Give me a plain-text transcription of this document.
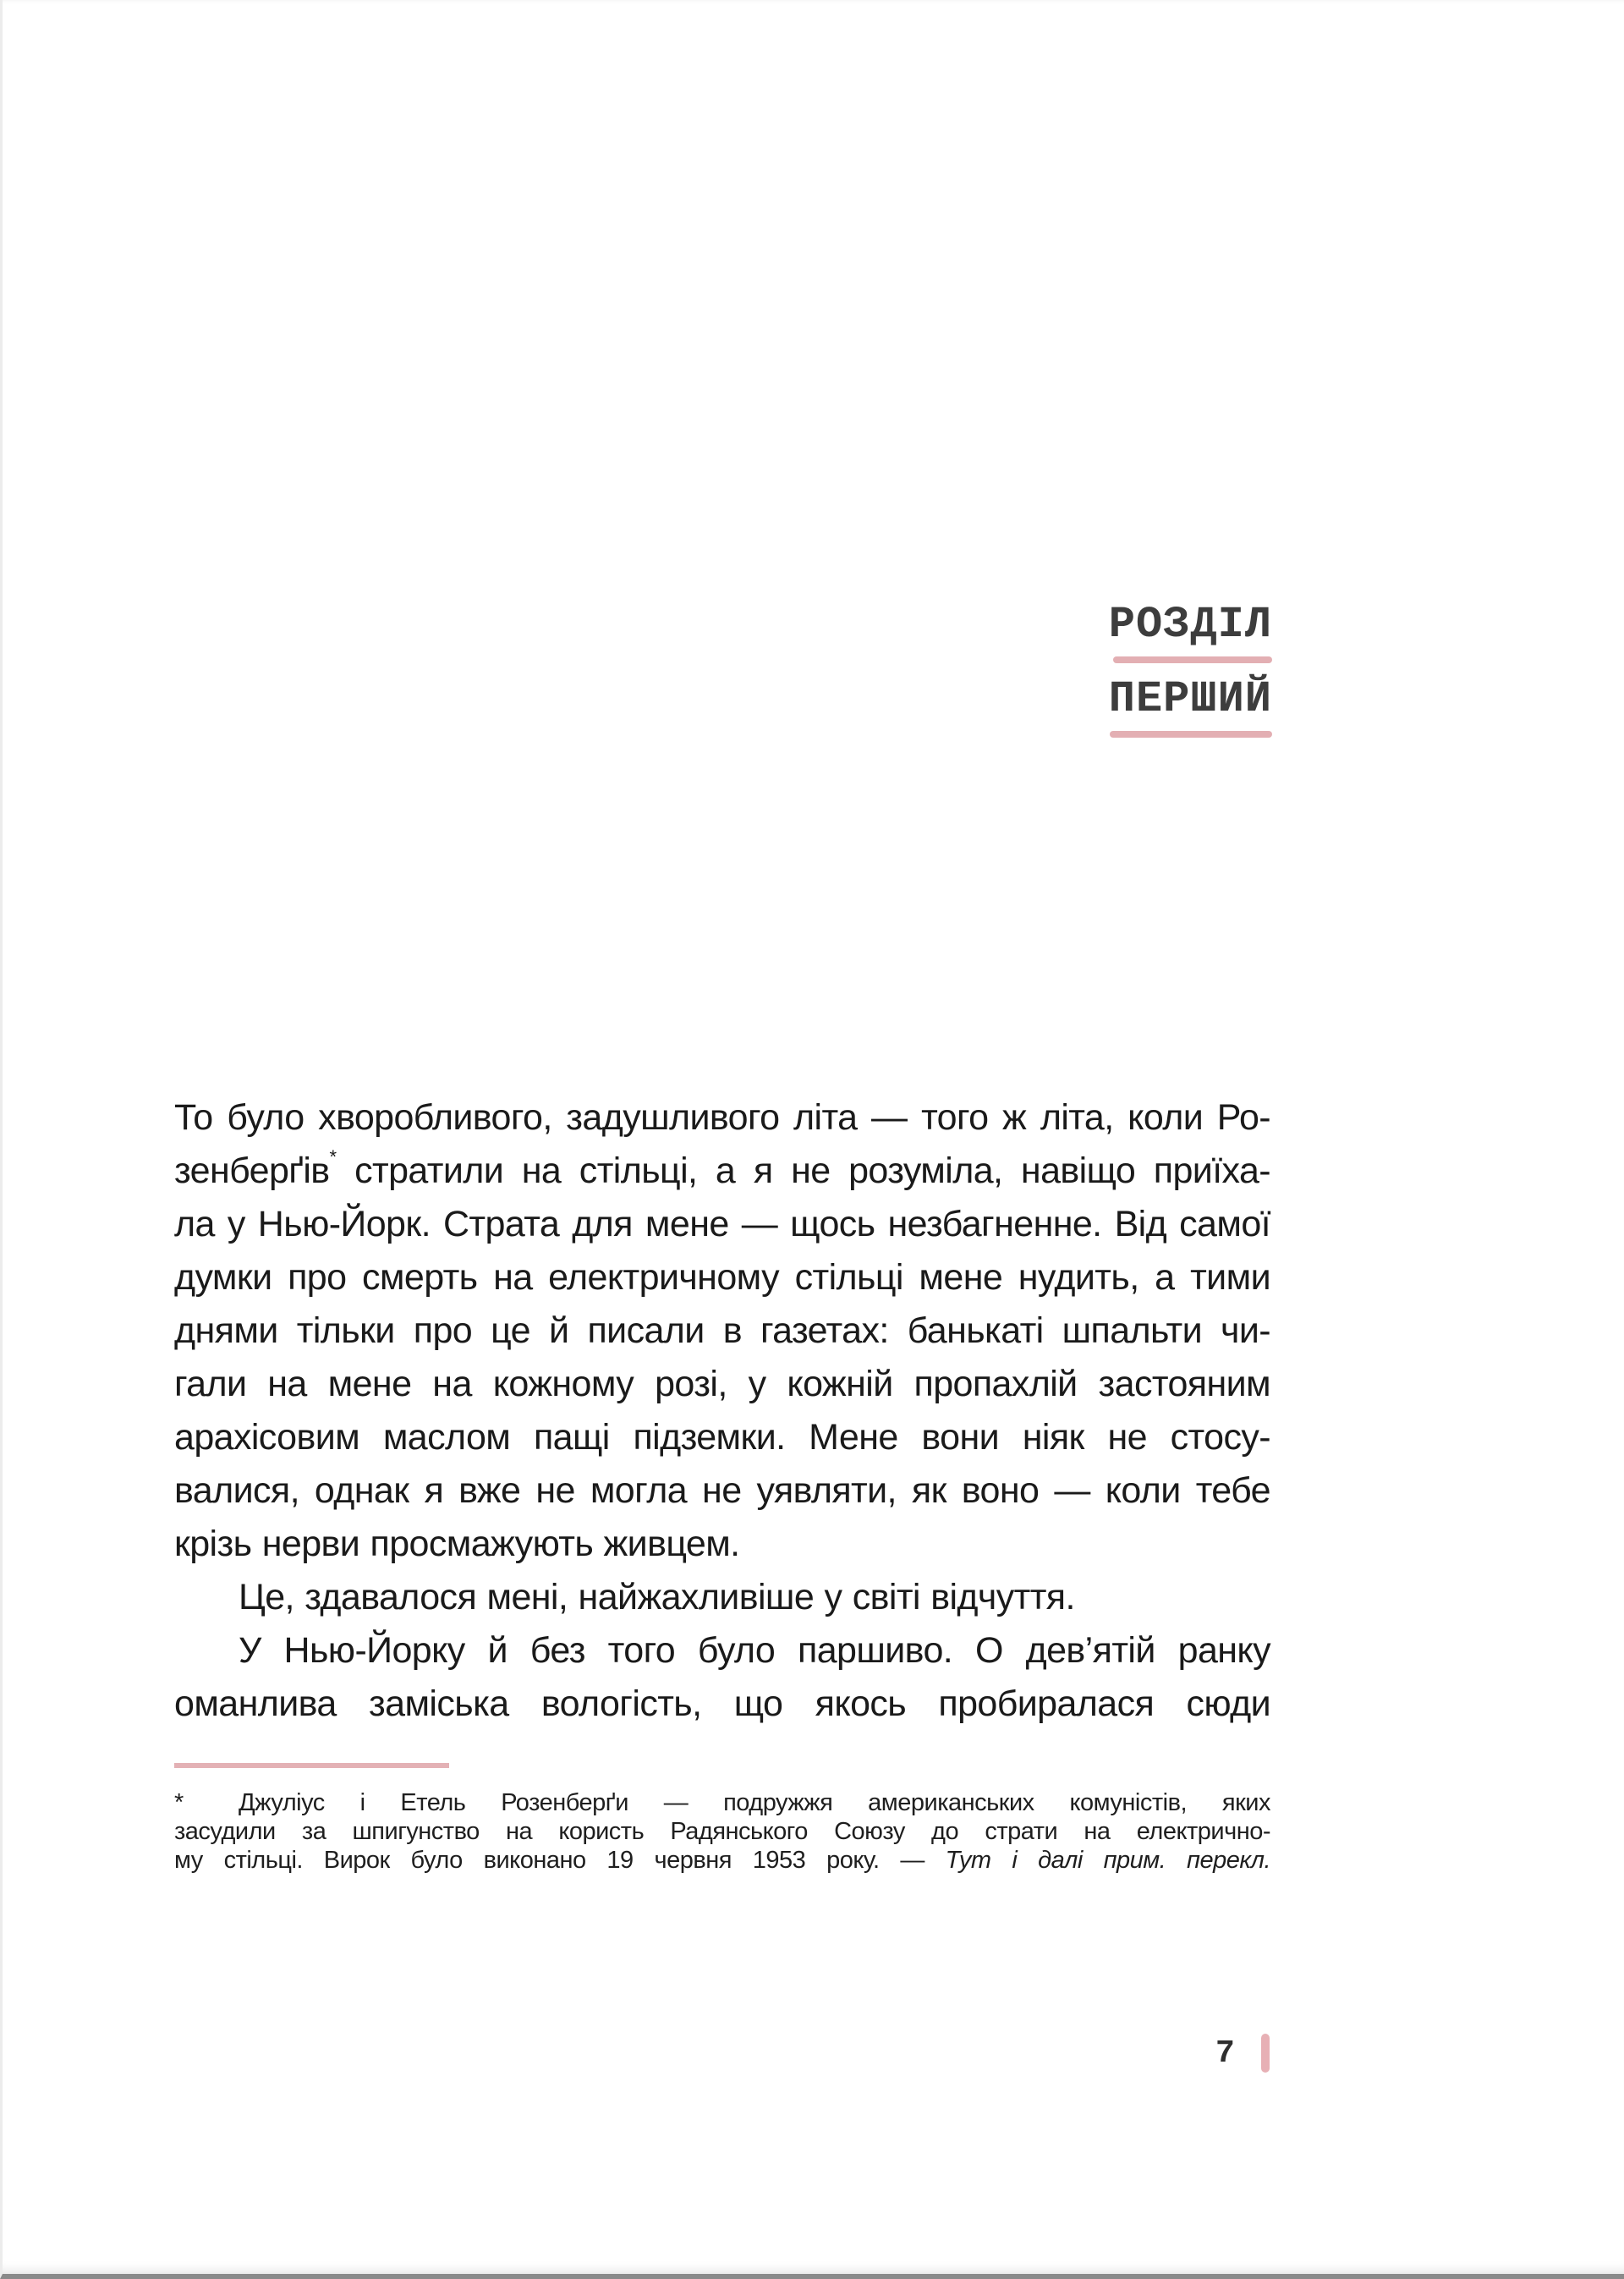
РОЗДІЛ
ПЕРШИЙ

То було хворобливого, задушливого літа — того ж літа, коли Ро-

зенберґів* стратили на стільці, а я не розуміла, навіщо приїха-

ла у Нью-Йорк. Страта для мене — щось незбагненне. Від самої

думки про смерть на електричному стільці мене нудить, а тими

днями тільки про це й писали в газетах: банькаті шпальти чи-

гали на мене на кожному розі, у кожній пропахлій застояним

арахісовим маслом пащі підземки. Мене вони ніяк не стосу-

валися, однак я вже не могла не уявляти, як воно — коли тебе

крізь нерви просмажують живцем.

Це, здавалося мені, найжахливіше у світі відчуття.

У Нью-Йорку й без того було паршиво. О дев’ятій ранку

оманлива заміська вологість, що якось пробиралася сюди

* Джуліус і Етель Розенберґи — подружжя американських комуністів, яких

засудили за шпигунство на користь Радянського Союзу до страти на електрично-

му стільці. Вирок було виконано 19 червня 1953 року. — Тут і далі прим. перекл.

7
